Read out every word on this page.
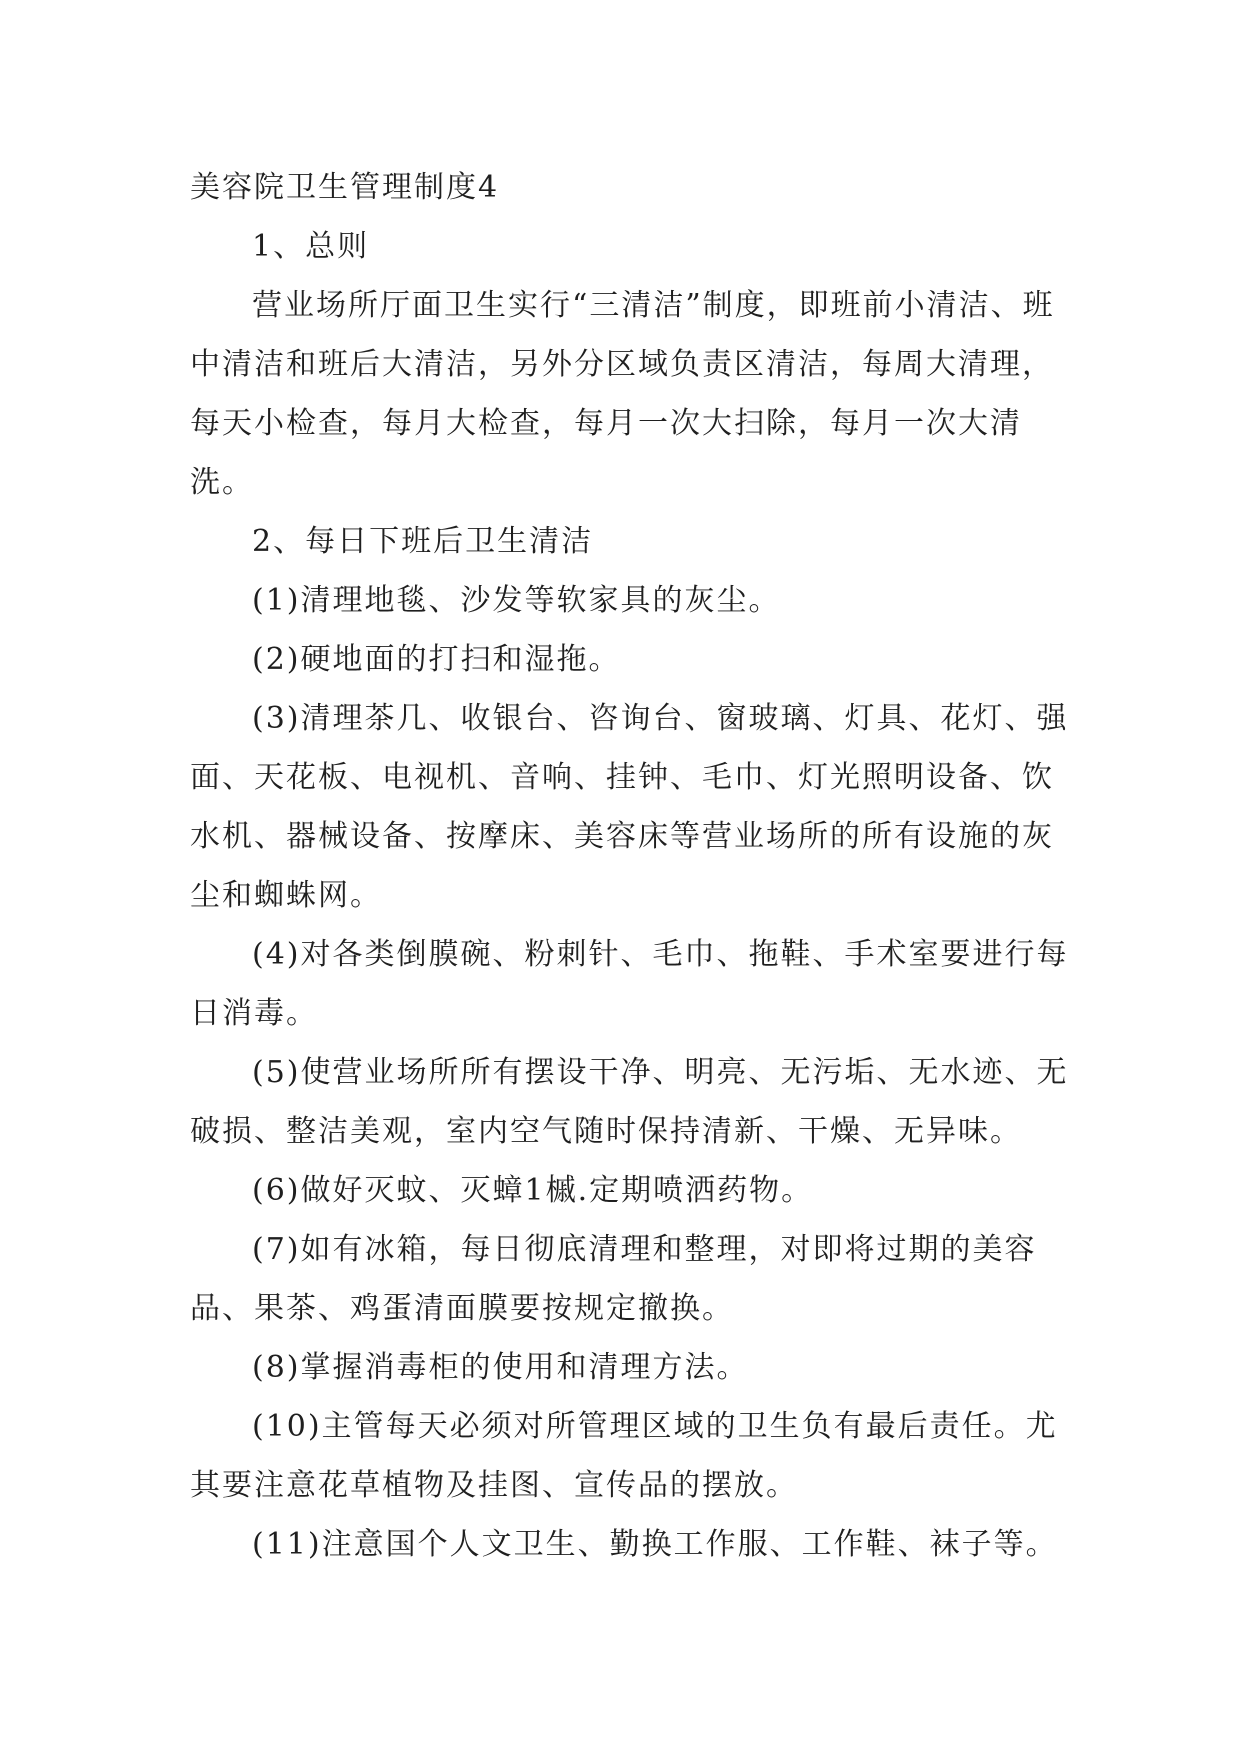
美容院卫生管理制度4

1、总则

营业场所厅面卫生实行“三清洁”制度，即班前小清洁、班中清洁和班后大清洁，另外分区域负责区清洁，每周大清理，每天小检查，每月大检查，每月一次大扫除，每月一次大清洗。

2、每日下班后卫生清洁

(1)清理地毯、沙发等软家具的灰尘。

(2)硬地面的打扫和湿拖。

(3)清理茶几、收银台、咨询台、窗玻璃、灯具、花灯、强面、天花板、电视机、音响、挂钟、毛巾、灯光照明设备、饮水机、器械设备、按摩床、美容床等营业场所的所有设施的灰尘和蜘蛛网。

(4)对各类倒膜碗、粉刺针、毛巾、拖鞋、手术室要进行每日消毒。

(5)使营业场所所有摆设干净、明亮、无污垢、无水迹、无破损、整洁美观，室内空气随时保持清新、干燥、无异味。

(6)做好灭蚊、灭蟑1槭.定期喷洒药物。

(7)如有冰箱，每日彻底清理和整理，对即将过期的美容品、果茶、鸡蛋清面膜要按规定撤换。

(8)掌握消毒柜的使用和清理方法。

(10)主管每天必须对所管理区域的卫生负有最后责任。尤其要注意花草植物及挂图、宣传品的摆放。

(11)注意国个人文卫生、勤换工作服、工作鞋、袜子等。
